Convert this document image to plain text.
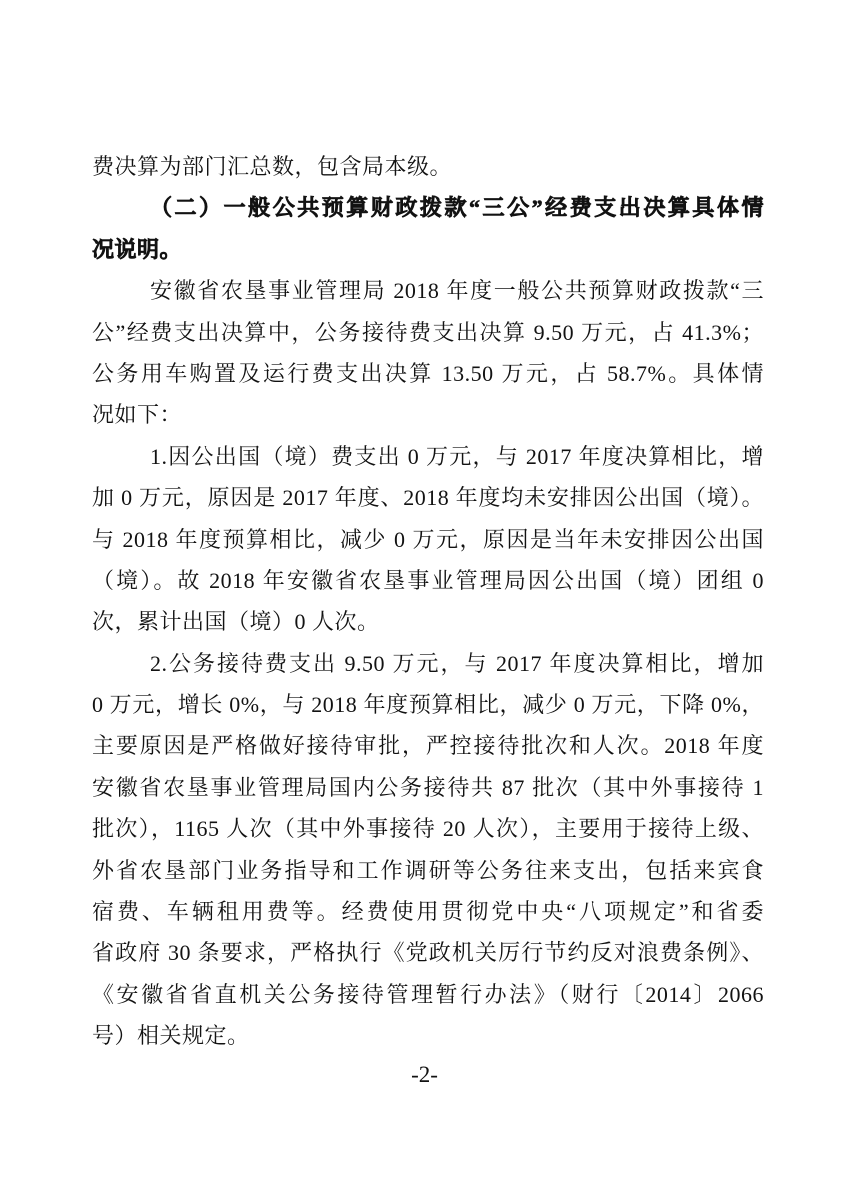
费决算为部门汇总数，包含局本级。
（二）一般公共预算财政拨款“三公”经费支出决算具体情
况说明。
安徽省农垦事业管理局 2018 年度一般公共预算财政拨款“三
公”经费支出决算中，公务接待费支出决算 9.50 万元，占 41.3%；
公务用车购置及运行费支出决算 13.50 万元，占 58.7%。具体情
况如下：
1.因公出国（境）费支出 0 万元，与 2017 年度决算相比，增
加 0 万元，原因是 2017 年度、2018 年度均未安排因公出国（境）。
与 2018 年度预算相比，减少 0 万元，原因是当年未安排因公出国
（境）。故 2018 年安徽省农垦事业管理局因公出国（境）团组 0
次，累计出国（境）0 人次。
2.公务接待费支出 9.50 万元，与 2017 年度决算相比，增加
0 万元，增长 0%，与 2018 年度预算相比，减少 0 万元，下降 0%，
主要原因是严格做好接待审批，严控接待批次和人次。2018 年度
安徽省农垦事业管理局国内公务接待共 87 批次（其中外事接待 1
批次），1165 人次（其中外事接待 20 人次），主要用于接待上级、
外省农垦部门业务指导和工作调研等公务往来支出，包括来宾食
宿费、车辆租用费等。经费使用贯彻党中央“八项规定”和省委
省政府 30 条要求，严格执行《党政机关厉行节约反对浪费条例》、
《安徽省省直机关公务接待管理暂行办法》（财行〔2014〕2066
号）相关规定。
-2-
